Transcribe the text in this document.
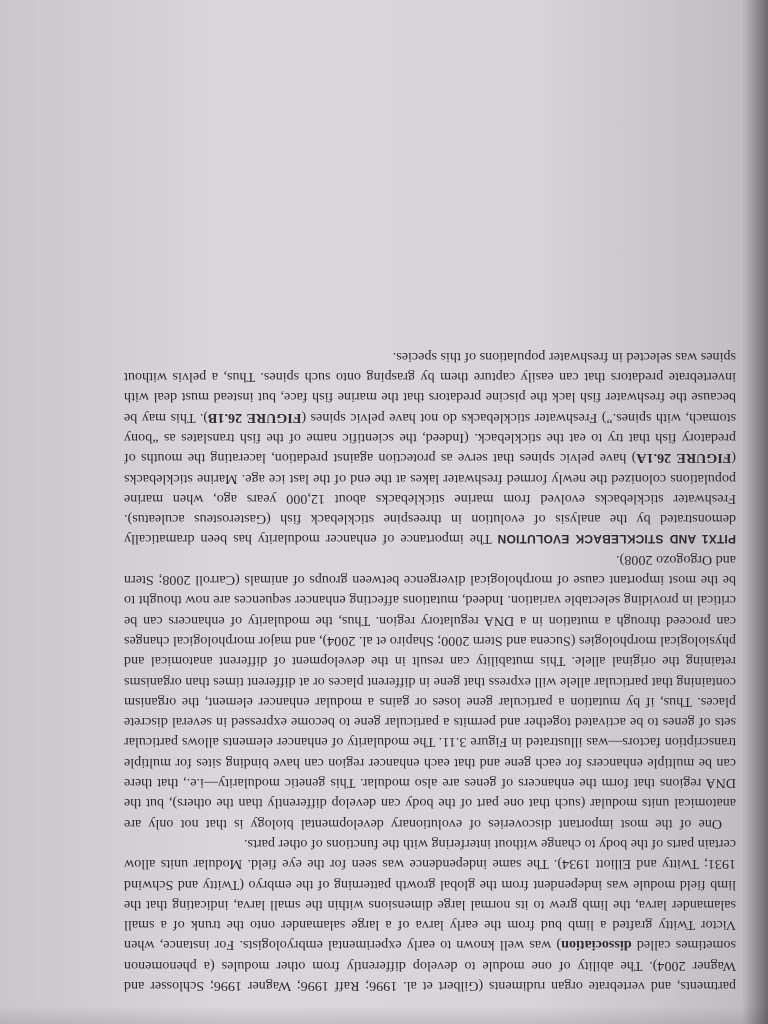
partments, and vertebrate organ rudiments (Gilbert et al. 1996; Raff 1996; Wagner 1996; Schlosser and Wagner 2004). The ability of one module to develop differently from other modules (a phenomenon sometimes called dissociation) was well known to early experimental embryologists. For instance, when Victor Twitty grafted a limb bud from the early larva of a large salamander onto the trunk of a small salamander larva, the limb grew to its normal large dimensions within the small larva, indicating that the limb field module was independent from the global growth patterning of the embryo (Twitty and Schwind 1931; Twitty and Elliott 1934). The same independence was seen for the eye field. Modular units allow certain parts of the body to change without interfering with the functions of other parts.

One of the most important discoveries of evolutionary developmental biology is that not only are anatomical units modular (such that one part of the body can develop differently than the others), but the DNA regions that form the enhancers of genes are also modular. This genetic modularity—i.e., that there can be multiple enhancers for each gene and that each enhancer region can have binding sites for multiple transcription factors—was illustrated in Figure 3.11. The modularity of enhancer elements allows particular sets of genes to be activated together and permits a particular gene to become expressed in several discrete places. Thus, if by mutation a particular gene loses or gains a modular enhancer element, the organism containing that particular allele will express that gene in different places or at different times than organisms retaining the original allele. This mutability can result in the development of different anatomical and physiological morphologies (Sucena and Stern 2000; Shapiro et al. 2004), and major morphological changes can proceed through a mutation in a DNA regulatory region. Thus, the modularity of enhancers can be critical in providing selectable variation. Indeed, mutations affecting enhancer sequences are now thought to be the most important cause of morphological divergence between groups of animals (Carroll 2008; Stern and Orgogozo 2008).

PITX1 AND STICKLEBACK EVOLUTION The importance of enhancer modularity has been dramatically demonstrated by the analysis of evolution in threespine stickleback fish (Gasterosteus aculeatus). Freshwater sticklebacks evolved from marine sticklebacks about 12,000 years ago, when marine populations colonized the newly formed freshwater lakes at the end of the last ice age. Marine sticklebacks (FIGURE 26.1A) have pelvic spines that serve as protection against predation, lacerating the mouths of predatory fish that try to eat the stickleback. (Indeed, the scientific name of the fish translates as “bony stomach, with spines.”) Freshwater sticklebacks do not have pelvic spines (FIGURE 26.1B). This may be because the freshwater fish lack the piscine predators that the marine fish face, but instead must deal with invertebrate predators that can easily capture them by grasping onto such spines. Thus, a pelvis without spines was selected in freshwater populations of this species.
